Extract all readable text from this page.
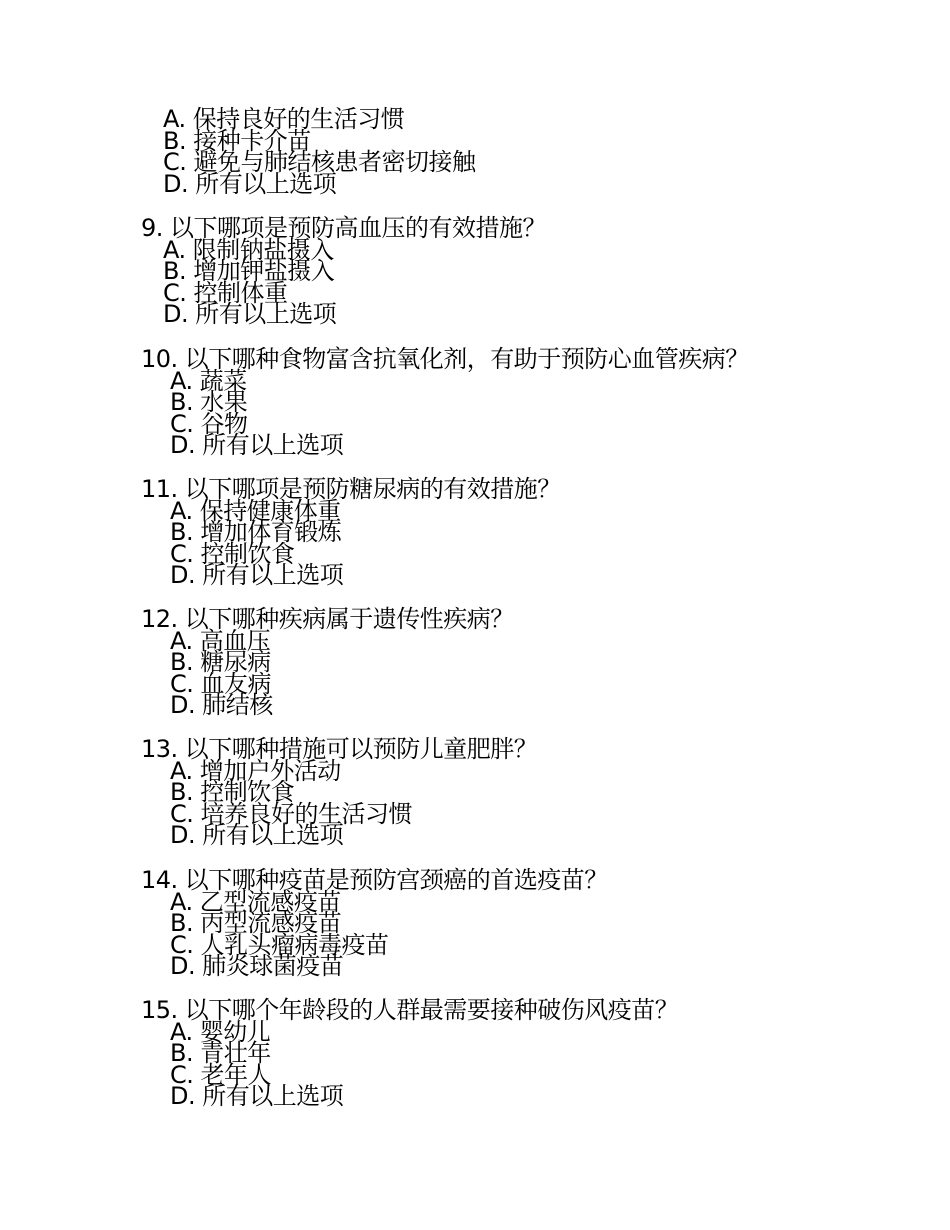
A. 保持良好的生活习惯
B. 接种卡介苗
C. 避免与肺结核患者密切接触
D. 所有以上选项
9. 以下哪项是预防高血压的有效措施？
A. 限制钠盐摄入
B. 增加钾盐摄入
C. 控制体重
D. 所有以上选项
10. 以下哪种食物富含抗氧化剂，有助于预防心血管疾病？
A. 蔬菜
B. 水果
C. 谷物
D. 所有以上选项
11. 以下哪项是预防糖尿病的有效措施？
A. 保持健康体重
B. 增加体育锻炼
C. 控制饮食
D. 所有以上选项
12. 以下哪种疾病属于遗传性疾病？
A. 高血压
B. 糖尿病
C. 血友病
D. 肺结核
13. 以下哪种措施可以预防儿童肥胖？
A. 增加户外活动
B. 控制饮食
C. 培养良好的生活习惯
D. 所有以上选项
14. 以下哪种疫苗是预防宫颈癌的首选疫苗？
A. 乙型流感疫苗
B. 丙型流感疫苗
C. 人乳头瘤病毒疫苗
D. 肺炎球菌疫苗
15. 以下哪个年龄段的人群最需要接种破伤风疫苗？
A. 婴幼儿
B. 青壮年
C. 老年人
D. 所有以上选项
